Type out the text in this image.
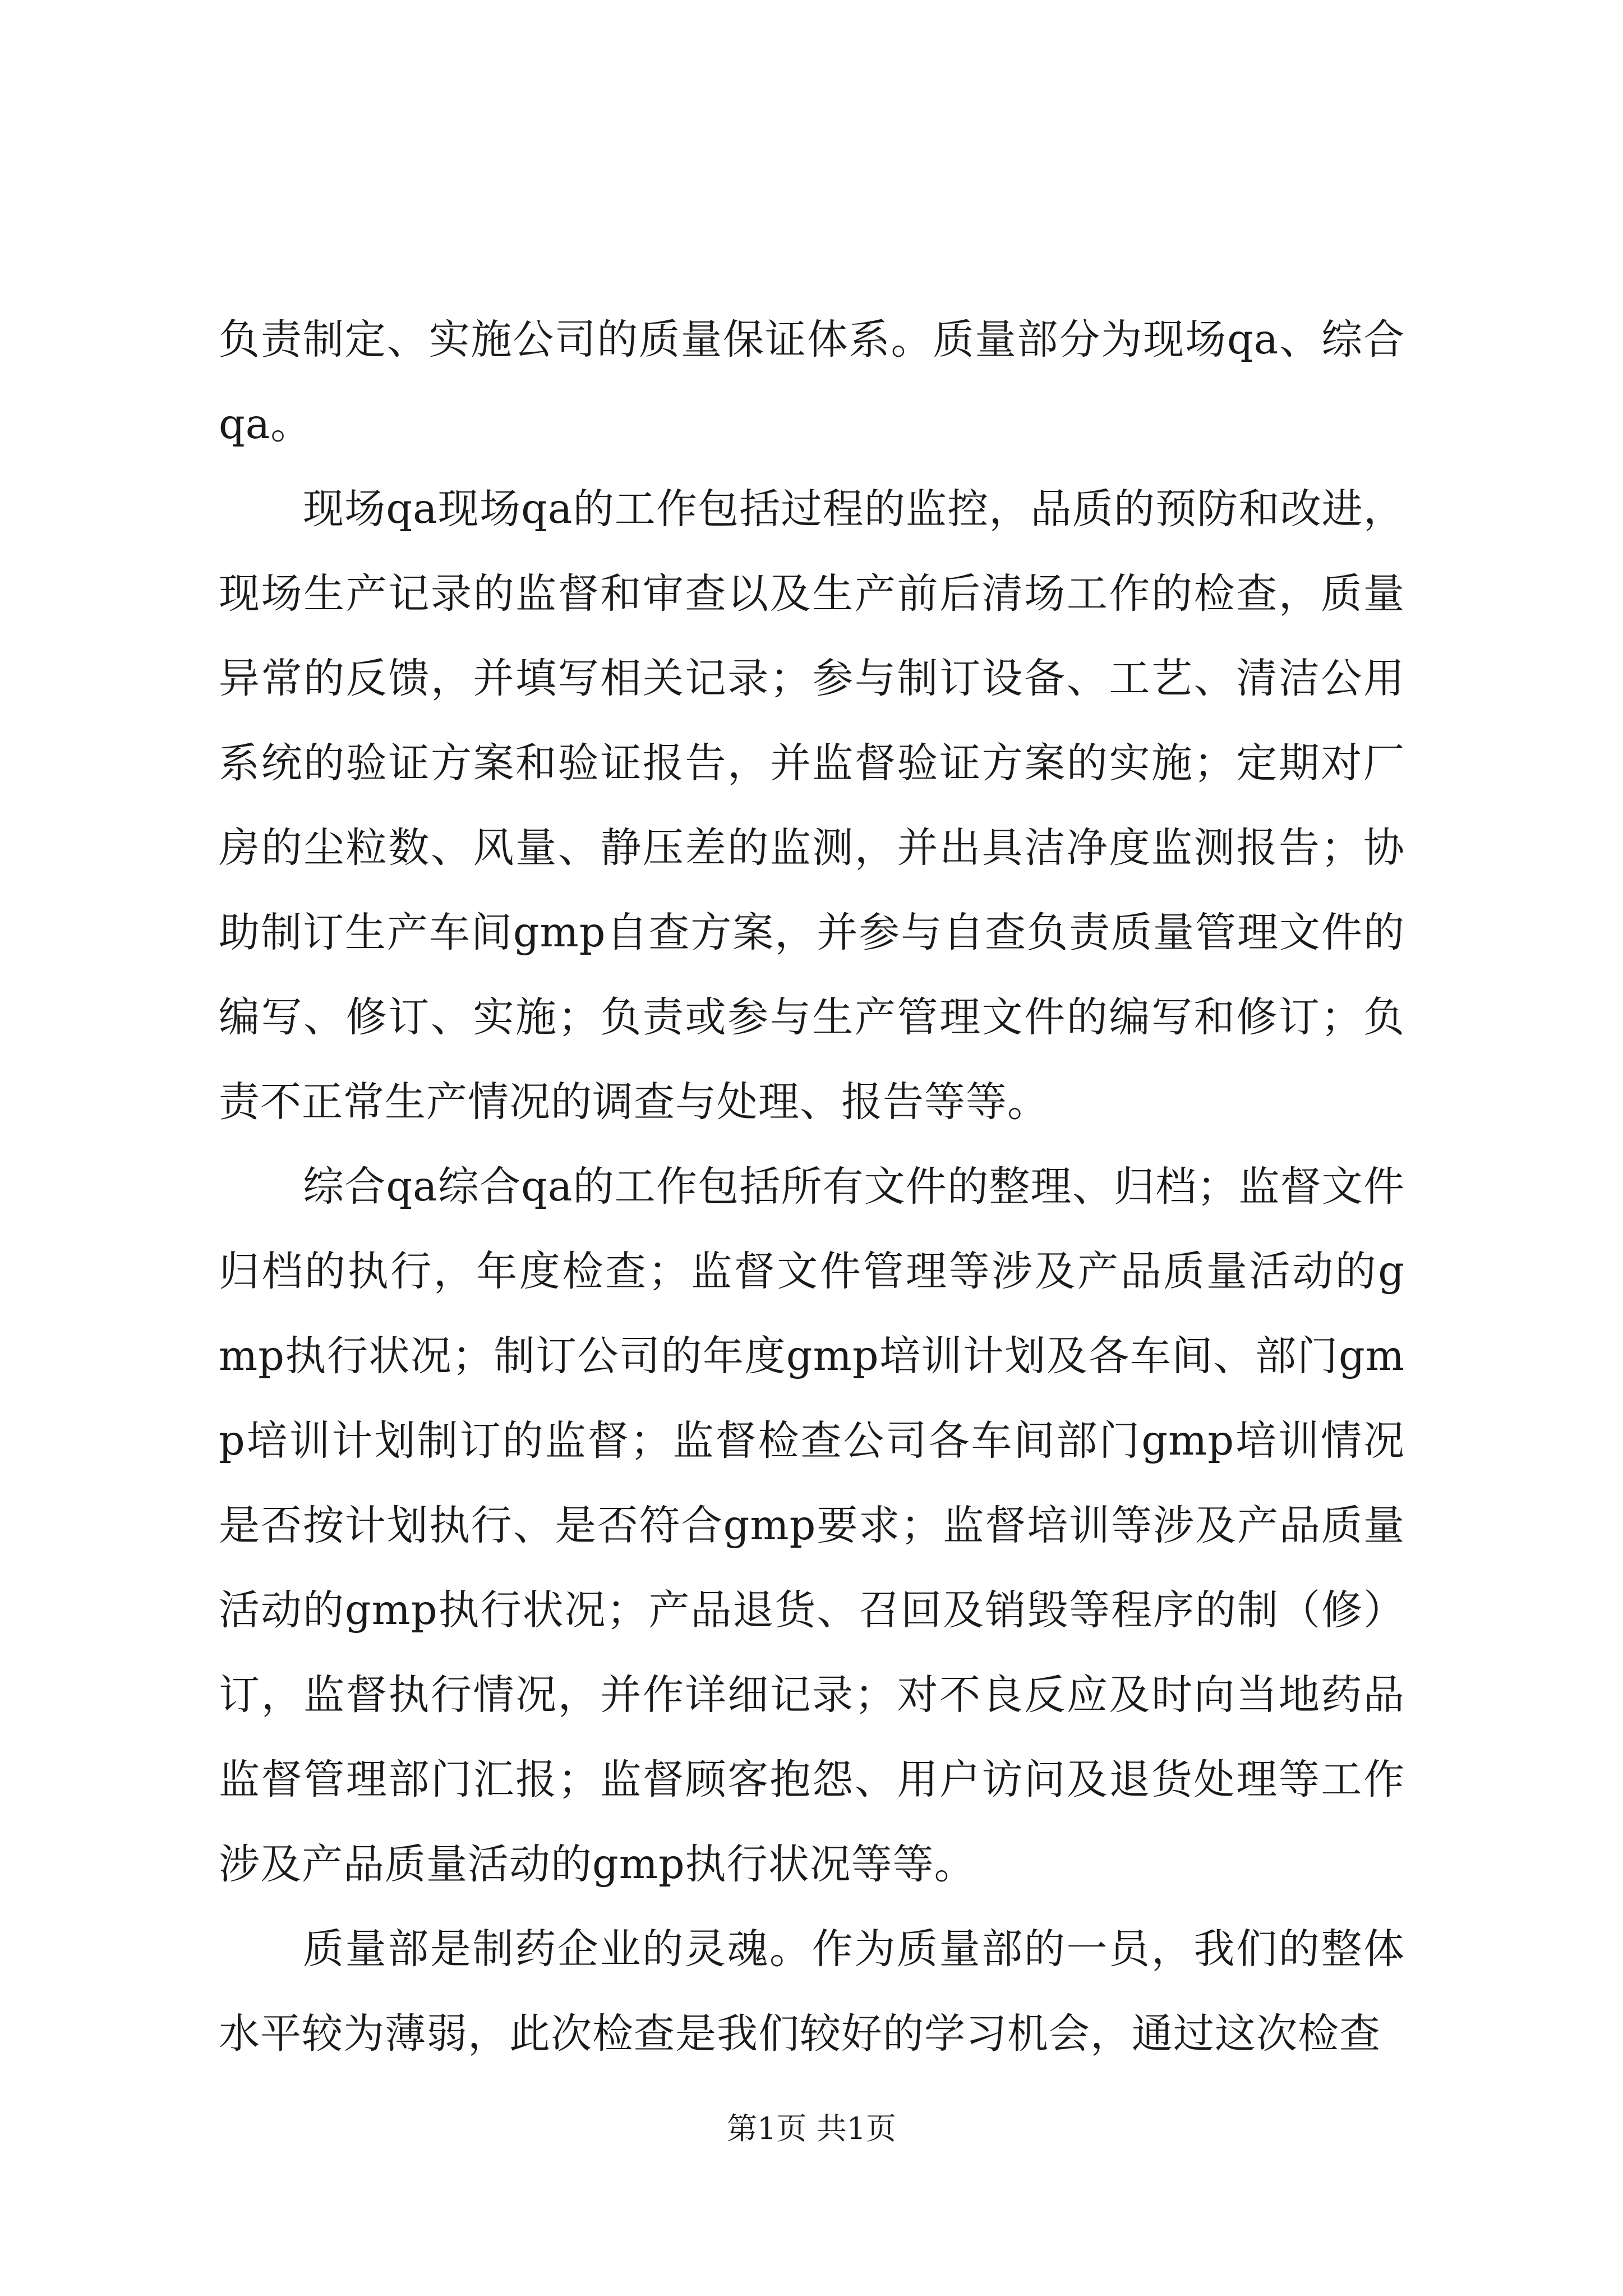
负责制定、实施公司的质量保证体系。质量部分为现场qa、综合qa。

现场qa现场qa的工作包括过程的监控，品质的预防和改进，现场生产记录的监督和审查以及生产前后清场工作的检查，质量异常的反馈，并填写相关记录；参与制订设备、工艺、清洁公用系统的验证方案和验证报告，并监督验证方案的实施；定期对厂房的尘粒数、风量、静压差的监测，并出具洁净度监测报告；协助制订生产车间gmp自查方案，并参与自查负责质量管理文件的编写、修订、实施；负责或参与生产管理文件的编写和修订；负责不正常生产情况的调查与处理、报告等等。

综合qa综合qa的工作包括所有文件的整理、归档；监督文件归档的执行，年度检查；监督文件管理等涉及产品质量活动的gmp执行状况；制订公司的年度gmp培训计划及各车间、部门gmp培训计划制订的监督；监督检查公司各车间部门gmp培训情况是否按计划执行、是否符合gmp要求；监督培训等涉及产品质量活动的gmp执行状况；产品退货、召回及销毁等程序的制（修）订，监督执行情况，并作详细记录；对不良反应及时向当地药品监督管理部门汇报；监督顾客抱怨、用户访问及退货处理等工作涉及产品质量活动的gmp执行状况等等。

质量部是制药企业的灵魂。作为质量部的一员，我们的整体水平较为薄弱，此次检查是我们较好的学习机会，通过这次检查

第1页 共1页
